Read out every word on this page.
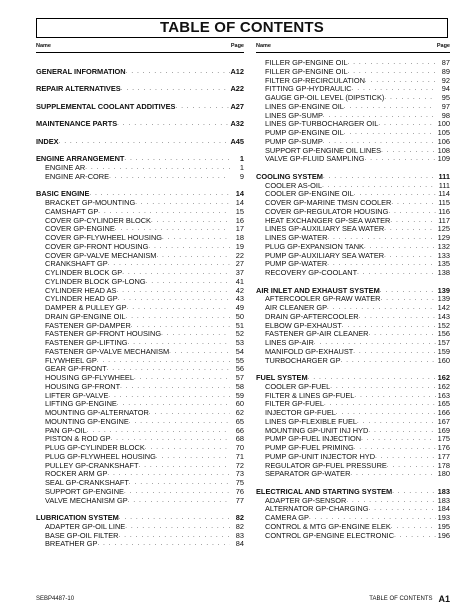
TABLE OF CONTENTS
Name	Page
GENERAL INFORMATION . . .	A12
REPAIR ALTERNATIVES . . .	A22
SUPPLEMENTAL COOLANT ADDITIVES . . .	A27
MAINTENANCE PARTS . . .	A32
INDEX . . .	A45
ENGINE ARRANGEMENT . . .	1
ENGINE AR . . .	1
ENGINE AR-CORE . . .	9
BASIC ENGINE . . .	14
BRACKET GP-MOUNTING . . .	14
CAMSHAFT GP . . .	15
COVER GP-CYLINDER BLOCK . . .	16
COVER GP-ENGINE . . .	17
COVER GP-FLYWHEEL HOUSING . . .	18
COVER GP-FRONT HOUSING . . .	19
COVER GP-VALVE MECHANISM . . .	22
CRANKSHAFT GP . . .	27
CYLINDER BLOCK GP . . .	37
CYLINDER BLOCK GP-LONG . . .	41
CYLINDER HEAD AS . . .	42
CYLINDER HEAD GP . . .	43
DAMPER & PULLEY GP . . .	49
DRAIN GP-ENGINE OIL . . .	50
FASTENER GP-DAMPER . . .	51
FASTENER GP-FRONT HOUSING . . .	52
FASTENER GP-LIFTING . . .	53
FASTENER GP-VALVE MECHANISM . . .	54
FLYWHEEL GP . . .	55
GEAR GP-FRONT . . .	56
HOUSING GP-FLYWHEEL . . .	57
HOUSING GP-FRONT . . .	58
LIFTER GP-VALVE . . .	59
LIFTING GP-ENGINE . . .	60
MOUNTING GP-ALTERNATOR . . .	62
MOUNTING GP-ENGINE . . .	65
PAN GP-OIL . . .	66
PISTON & ROD GP . . .	68
PLUG GP-CYLINDER BLOCK . . .	70
PLUG GP-FLYWHEEL HOUSING . . .	71
PULLEY GP-CRANKSHAFT . . .	72
ROCKER ARM GP . . .	73
SEAL GP-CRANKSHAFT . . .	75
SUPPORT GP-ENGINE . . .	76
VALVE MECHANISM GP . . .	77
LUBRICATION SYSTEM . . .	82
ADAPTER GP-OIL LINE . . .	82
BASE GP-OIL FILTER . . .	83
BREATHER GP . . .	84
Name	Page
FILLER GP-ENGINE OIL . . .	87
FILLER GP-ENGINE OIL . . .	89
FILTER GP-RECIRCULATION . . .	92
FITTING GP-HYDRAULIC . . .	94
GAUGE GP-OIL LEVEL (DIPSTICK) . . .	95
LINES GP-ENGINE OIL . . .	97
LINES GP-SUMP . . .	98
LINES GP-TURBOCHARGER OIL . . .	100
PUMP GP-ENGINE OIL . . .	105
PUMP GP-SUMP . . .	106
SUPPORT GP-ENGINE OIL LINES . . .	108
VALVE GP-FLUID SAMPLING . . .	109
COOLING SYSTEM . . .	111
COOLER AS-OIL . . .	111
COOLER GP-ENGINE OIL . . .	114
COVER GP-MARINE TMSN COOLER . . .	115
COVER GP-REGULATOR HOUSING . . .	116
HEAT EXCHANGER GP-SEA WATER . . .	117
LINES GP-AUXILIARY SEA WATER . . .	125
LINES GP-WATER . . .	129
PLUG GP-EXPANSION TANK . . .	132
PUMP GP-AUXILIARY SEA WATER . . .	133
PUMP GP-WATER . . .	135
RECOVERY GP-COOLANT . . .	138
AIR INLET AND EXHAUST SYSTEM . . .	139
AFTERCOOLER GP-RAW WATER . . .	139
AIR CLEANER GP . . .	142
DRAIN GP-AFTERCOOLER . . .	143
ELBOW GP-EXHAUST . . .	152
FASTENER GP-AIR CLEANER . . .	156
LINES GP-AIR . . .	157
MANIFOLD GP-EXHAUST . . .	159
TURBOCHARGER GP . . .	160
FUEL SYSTEM . . .	162
COOLER GP-FUEL . . .	162
FILTER & LINES GP-FUEL . . .	163
FILTER GP-FUEL . . .	165
INJECTOR GP-FUEL . . .	166
LINES GP-FLEXIBLE FUEL . . .	167
MOUNTING GP-UNIT INJ HYD . . .	169
PUMP GP-FUEL INJECTION . . .	175
PUMP GP-FUEL PRIMING . . .	176
PUMP GP-UNIT INJECTOR HYD . . .	177
REGULATOR GP-FUEL PRESSURE . . .	178
SEPARATOR GP-WATER . . .	180
ELECTRICAL AND STARTING SYSTEM . . .	183
ADAPTER GP-SENSOR . . .	183
ALTERNATOR GP-CHARGING . . .	184
CAMERA GP . . .	193
CONTROL & MTG GP-ENGINE ELEK . . .	195
CONTROL GP-ENGINE ELECTRONIC . . .	196
SEBP4487-10	TABLE OF CONTENTS A1
